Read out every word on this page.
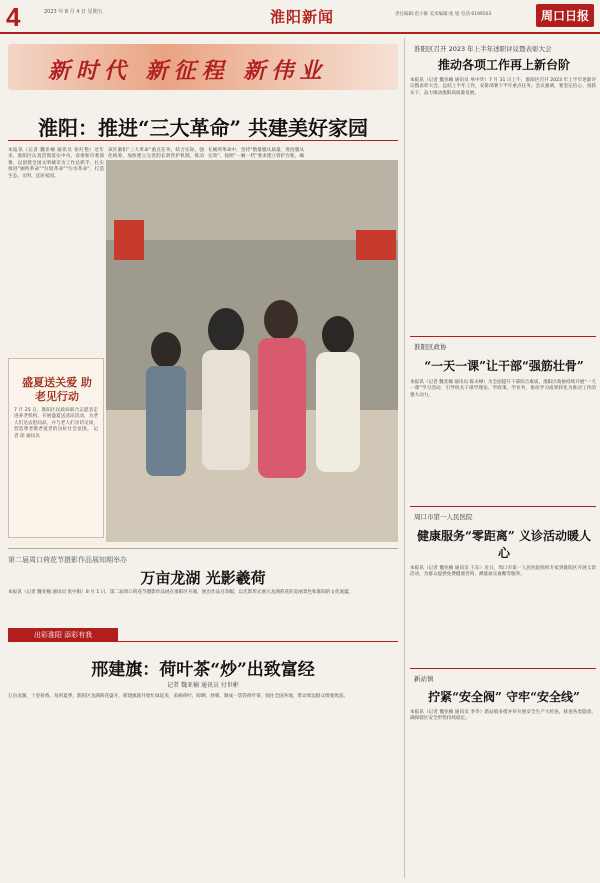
4	2023 年 8 月 4 日 星期五	淮阳新闻	责任编辑:范小静 美术编辑:张 旭 电话:6199503	周口日报
新时代 新征程 新伟业
淮阳：推进“三大革命” 共建美好家园
本报讯（记者 魏亚楠 通讯员 张红艳）近年来，淮阳区认真贯彻落实中央、省委和市委部署，以创建全国文明城市为工作总抓手，扎实推进“厕所革命”“垃圾革命”“污水革命”，打造生态、文明、宜居家园。
该区紧扣“三大革命”重点任务，结合实际，强化统筹，加快建立完善的长效管护机制，推动
在厕所革命中，坚持“数量服从质量、进度服从实效”，按照“一厕一档”要求建立管护台账，确
盛夏送关爱 助老见行动
7 月 25 日，淮阳区民政局联合志愿者走进养老机构，开展盛夏送清凉活动，为老人们送去慰问品，并与老人们亲切交谈，营造尊老敬老爱老的良好社会氛围。 记者 徐 通讯员
第二届周口荷花节摄影作品展知期举办
万亩龙湖 光影羲荷
本报讯（记者 魏亚楠 通讯员 张中阳）8 月 1 日，第二届周口荷花节摄影作品展在淮阳区开幕，展出作品百余幅，以光影形式展示龙湖荷花的美丽景色和淮阳的文化底蕴。
出彩淮阳 添彩有我
邢建旗：荷叶茶“炒”出致富经
记者 魏亚楠 通讯员 付世彬
万亩龙湖，十里荷香。每到夏季，淮阳区龙湖荷花盛开，邢建旗就开始忙碌起来，采摘荷叶、晾晒、炒制，制成一袋袋荷叶茶，销往全国各地，带动周边群众增收致富。
淮阳区召开 2023 年上半年述职评议暨表彰大会
推动各项工作再上新台阶
本报讯（记者 魏亚楠 通讯员 单中华）7 月 31 日上午，淮阳区召开 2023 年上半年述职评议暨表彰大会，总结上半年工作，安排部署下半年重点任务。会议强调，要坚定信心、真抓实干，奋力推动淮阳高质量发展。
淮阳区政协
“一天一课”让干部“强筋壮骨”
本报讯（记者 魏亚楠 通讯员 陈永峰）为全面提升干部综合素质，淮阳区政协持续开展“一天一课”学习活动，引导机关干部学理论、学政策、学业务，推动学习成果转化为推动工作的强大动力。
周口市第一人民医院
健康服务“零距离” 义诊活动暖人心
本报讯（记者 魏亚楠 通讯员 王东）近日，周口市第一人民医院组织专家到淮阳区开展义诊活动，为群众提供免费健康咨询、测量血压血糖等服务。
新站镇
拧紧“安全阀” 守牢“安全线”
本报讯（记者 魏亚楠 通讯员 李华）新站镇多措并举开展安全生产大检查，排查各类隐患，确保辖区安全形势持续稳定。
